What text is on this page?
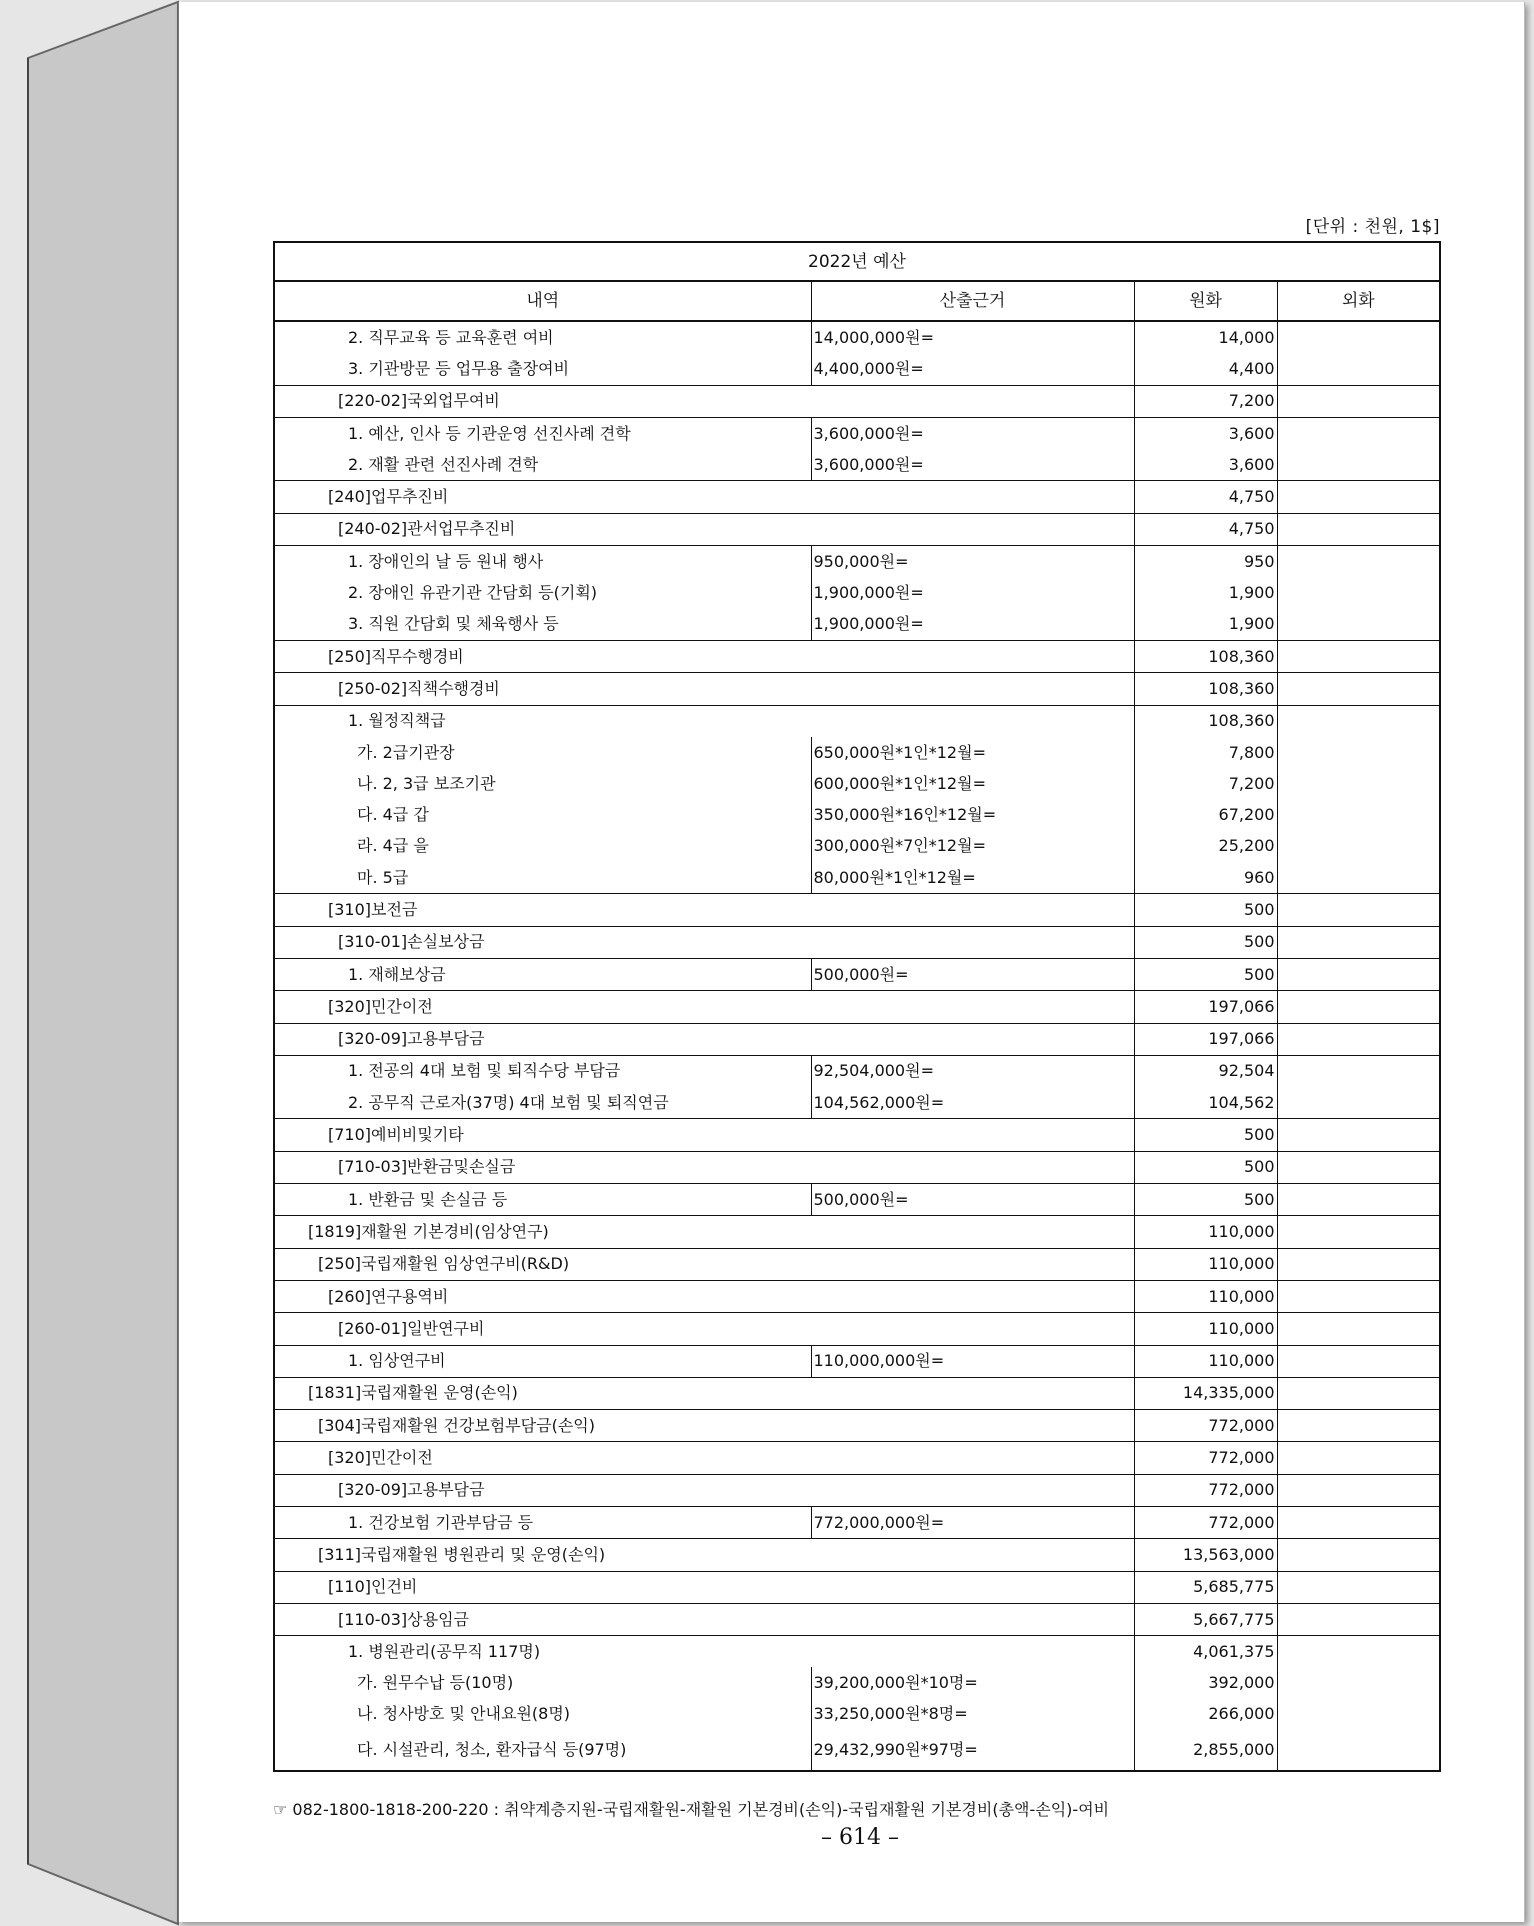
[단위 : 천원, 1$]
2022년 예산			
내역	산출근거	원화	외화
2. 직무교육 등 교육훈련 여비	14,000,000원=	14,000	
3. 기관방문 등 업무용 출장여비	4,400,000원=	4,400	
[220-02]국외업무여비		7,200	
1. 예산, 인사 등 기관운영 선진사례 견학	3,600,000원=	3,600	
2. 재활 관련 선진사례 견학	3,600,000원=	3,600	
[240]업무추진비		4,750	
[240-02]관서업무추진비		4,750	
1. 장애인의 날 등 원내 행사	950,000원=	950	
2. 장애인 유관기관 간담회 등(기획)	1,900,000원=	1,900	
3. 직원 간담회 및 체육행사 등	1,900,000원=	1,900	
[250]직무수행경비		108,360	
[250-02]직책수행경비		108,360	
1. 월정직책급		108,360	
가. 2급기관장	650,000원*1인*12월=	7,800	
나. 2, 3급 보조기관	600,000원*1인*12월=	7,200	
다. 4급 갑	350,000원*16인*12월=	67,200	
라. 4급 을	300,000원*7인*12월=	25,200	
마. 5급	80,000원*1인*12월=	960	
[310]보전금		500	
[310-01]손실보상금		500	
1. 재해보상금	500,000원=	500	
[320]민간이전		197,066	
[320-09]고용부담금		197,066	
1. 전공의 4대 보험 및 퇴직수당 부담금	92,504,000원=	92,504	
2. 공무직 근로자(37명) 4대 보험 및 퇴직연금	104,562,000원=	104,562	
[710]예비비및기타		500	
[710-03]반환금및손실금		500	
1. 반환금 및 손실금 등	500,000원=	500	
[1819]재활원 기본경비(임상연구)		110,000	
[250]국립재활원 임상연구비(R&D)		110,000	
[260]연구용역비		110,000	
[260-01]일반연구비		110,000	
1. 임상연구비	110,000,000원=	110,000	
[1831]국립재활원 운영(손익)		14,335,000	
[304]국립재활원 건강보험부담금(손익)		772,000	
[320]민간이전		772,000	
[320-09]고용부담금		772,000	
1. 건강보험 기관부담금 등	772,000,000원=	772,000	
[311]국립재활원 병원관리 및 운영(손익)		13,563,000	
[110]인건비		5,685,775	
[110-03]상용임금		5,667,775	
1. 병원관리(공무직 117명)		4,061,375	
가. 원무수납 등(10명)	39,200,000원*10명=	392,000	
나. 청사방호 및 안내요원(8명)	33,250,000원*8명=	266,000	
다. 시설관리, 청소, 환자급식 등(97명)	29,432,990원*97명=	2,855,000	
☞ 082-1800-1818-200-220 : 취약계층지원-국립재활원-재활원 기본경비(손익)-국립재활원 기본경비(총액-손익)-여비
– 614 –
